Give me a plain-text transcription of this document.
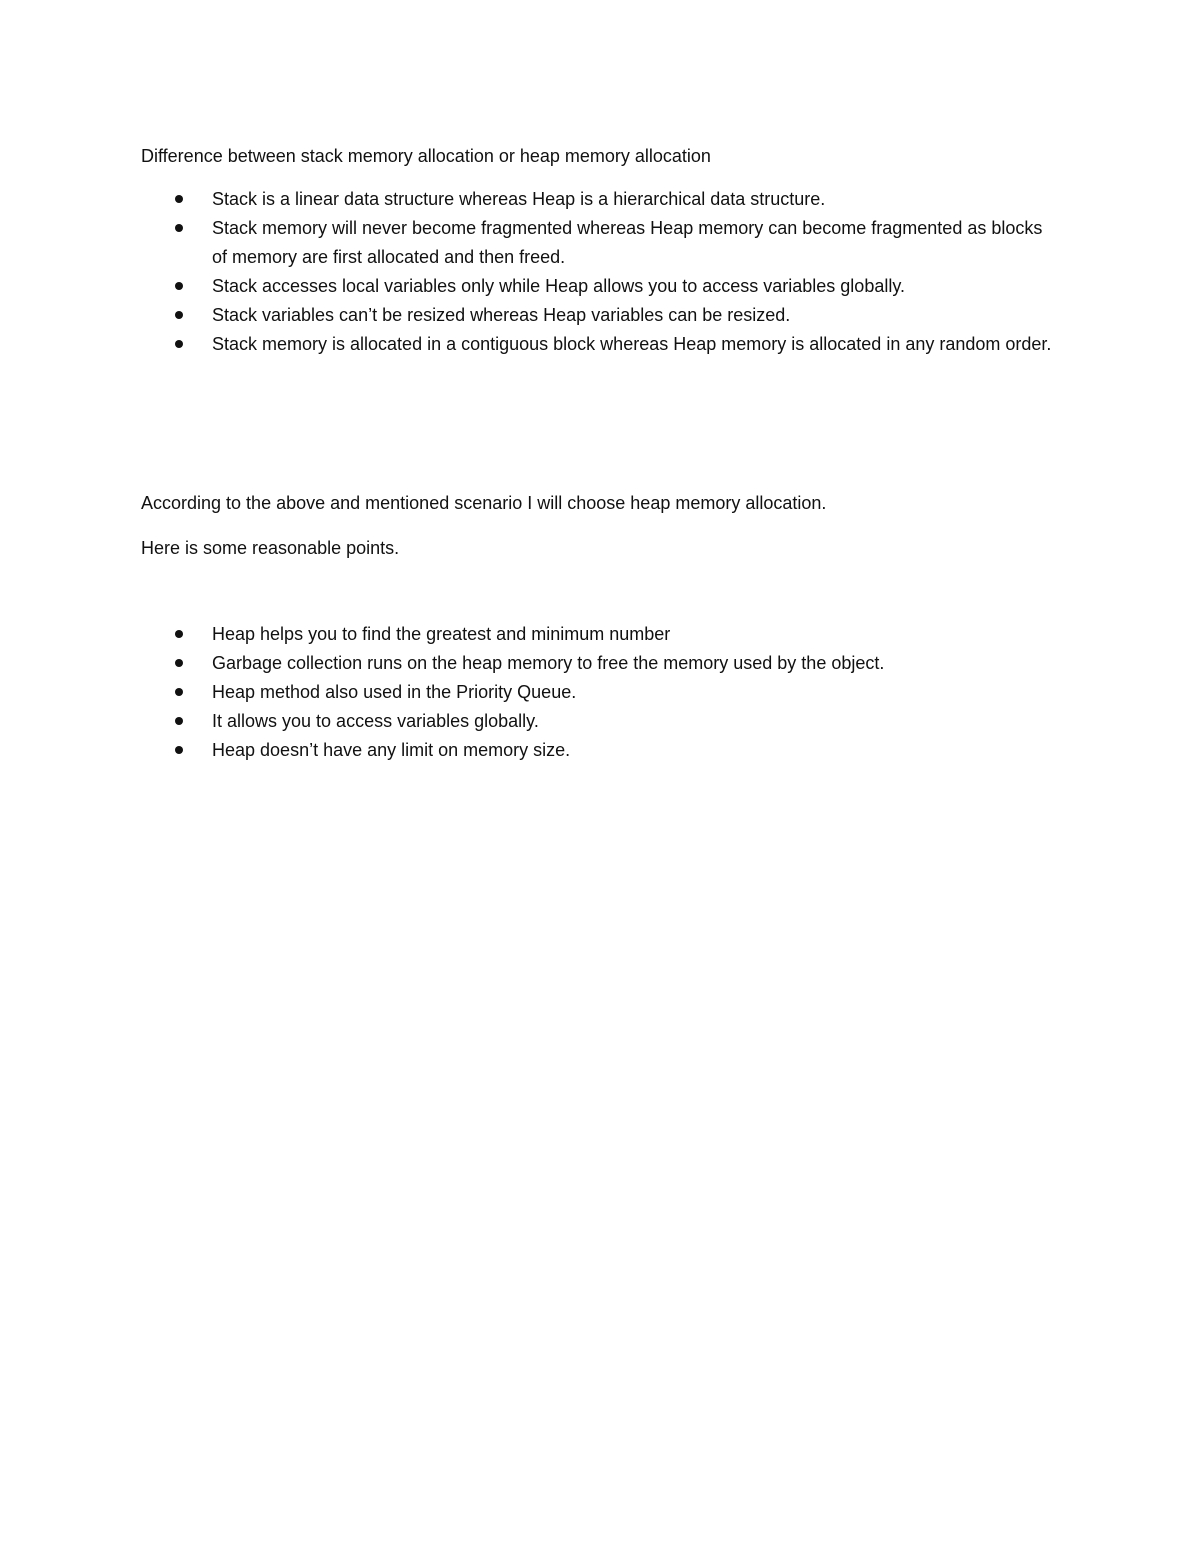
Difference between stack memory allocation or heap memory allocation

Stack is a linear data structure whereas Heap is a hierarchical data structure.
Stack memory will never become fragmented whereas Heap memory can become fragmented as blocks of memory are first allocated and then freed.
Stack accesses local variables only while Heap allows you to access variables globally.
Stack variables can’t be resized whereas Heap variables can be resized.
Stack memory is allocated in a contiguous block whereas Heap memory is allocated in any random order.

According to the above and mentioned scenario I will choose heap memory allocation.

Here is some reasonable points.

Heap helps you to find the greatest and minimum number
Garbage collection runs on the heap memory to free the memory used by the object.
Heap method also used in the Priority Queue.
It allows you to access variables globally.
Heap doesn’t have any limit on memory size.
